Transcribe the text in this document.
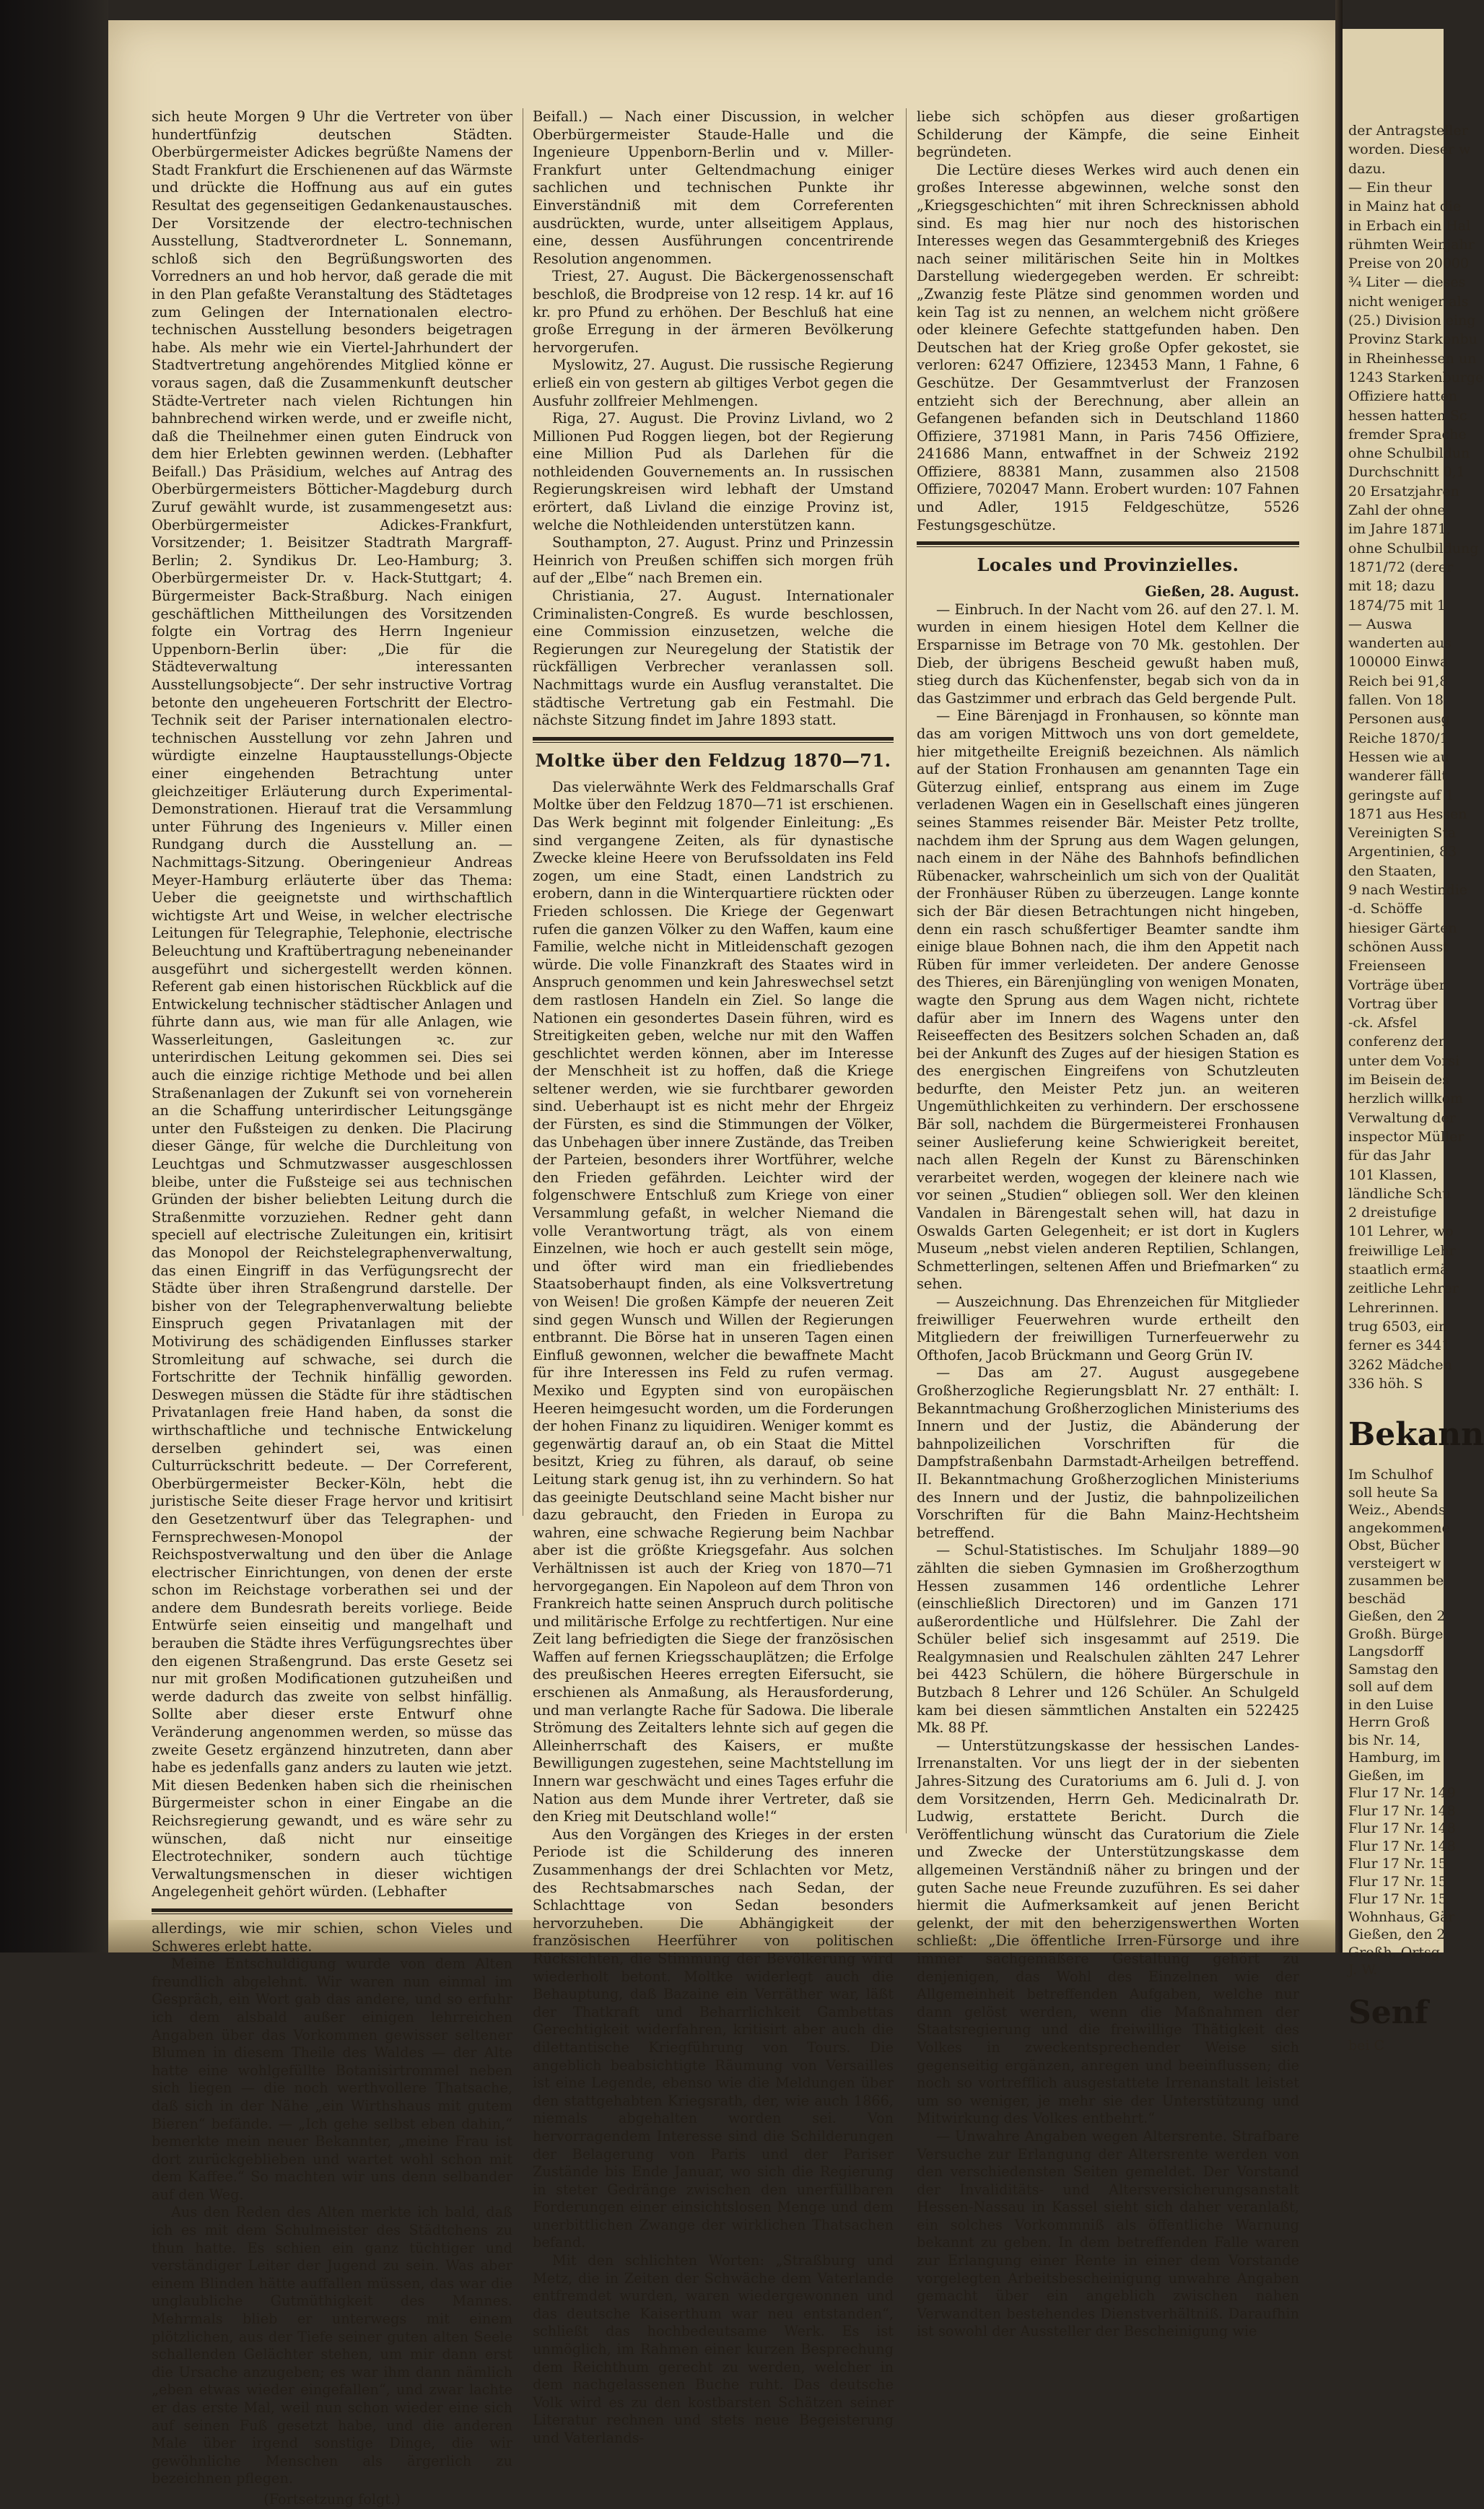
sich heute Morgen 9 Uhr die Vertreter von über hundertfünfzig deutschen Städten. Oberbürgermeister Adickes begrüßte Namens der Stadt Frankfurt die Erschienenen auf das Wärmste und drückte die Hoffnung aus auf ein gutes Resultat des gegenseitigen Gedankenaustausches. Der Vorsitzende der electro-technischen Ausstellung, Stadtverordneter L. Sonnemann, schloß sich den Begrüßungsworten des Vorredners an und hob hervor, daß gerade die mit in den Plan gefaßte Veranstaltung des Städtetages zum Gelingen der Internationalen electro-technischen Ausstellung besonders beigetragen habe. Als mehr wie ein Viertel-Jahrhundert der Stadtvertretung angehörendes Mitglied könne er voraus sagen, daß die Zusammenkunft deutscher Städte-Vertreter nach vielen Richtungen hin bahnbrechend wirken werde, und er zweifle nicht, daß die Theilnehmer einen guten Eindruck von dem hier Erlebten gewinnen werden. (Lebhafter Beifall.) Das Präsidium, welches auf Antrag des Oberbürgermeisters Bötticher-Magdeburg durch Zuruf gewählt wurde, ist zusammengesetzt aus: Oberbürgermeister Adickes-Frankfurt, Vorsitzender; 1. Beisitzer Stadtrath Margraff-Berlin; 2. Syndikus Dr. Leo-Hamburg; 3. Oberbürgermeister Dr. v. Hack-Stuttgart; 4. Bürgermeister Back-Straßburg. Nach einigen geschäftlichen Mittheilungen des Vorsitzenden folgte ein Vortrag des Herrn Ingenieur Uppenborn-Berlin über: „Die für die Städteverwaltung interessanten Ausstellungsobjecte“. Der sehr instructive Vortrag betonte den ungeheueren Fortschritt der Electro-Technik seit der Pariser internationalen electro-technischen Ausstellung vor zehn Jahren und würdigte einzelne Hauptausstellungs-Objecte einer eingehenden Betrachtung unter gleichzeitiger Erläuterung durch Experimental-Demonstrationen. Hierauf trat die Versammlung unter Führung des Ingenieurs v. Miller einen Rundgang durch die Ausstellung an. — Nachmittags-Sitzung. Oberingenieur Andreas Meyer-Hamburg erläuterte über das Thema: Ueber die geeignetste und wirthschaftlich wichtigste Art und Weise, in welcher electrische Leitungen für Telegraphie, Telephonie, electrische Beleuchtung und Kraftübertragung nebeneinander ausgeführt und sichergestellt werden können. Referent gab einen historischen Rückblick auf die Entwickelung technischer städtischer Anlagen und führte dann aus, wie man für alle Anlagen, wie Wasserleitungen, Gasleitungen ꝛc. zur unterirdischen Leitung gekommen sei. Dies sei auch die einzige richtige Methode und bei allen Straßenanlagen der Zukunft sei von vorneherein an die Schaffung unterirdischer Leitungsgänge unter den Fußsteigen zu denken. Die Placirung dieser Gänge, für welche die Durchleitung von Leuchtgas und Schmutzwasser ausgeschlossen bleibe, unter die Fußsteige sei aus technischen Gründen der bisher beliebten Leitung durch die Straßenmitte vorzuziehen. Redner geht dann speciell auf electrische Zuleitungen ein, kritisirt das Monopol der Reichstelegraphenverwaltung, das einen Eingriff in das Verfügungsrecht der Städte über ihren Straßengrund darstelle. Der bisher von der Telegraphenverwaltung beliebte Einspruch gegen Privatanlagen mit der Motivirung des schädigenden Einflusses starker Stromleitung auf schwache, sei durch die Fortschritte der Technik hinfällig geworden. Deswegen müssen die Städte für ihre städtischen Privatanlagen freie Hand haben, da sonst die wirthschaftliche und technische Entwickelung derselben gehindert sei, was einen Culturrückschritt bedeute. — Der Correferent, Oberbürgermeister Becker-Köln, hebt die juristische Seite dieser Frage hervor und kritisirt den Gesetzentwurf über das Telegraphen- und Fernsprechwesen-Monopol der Reichspostverwaltung und den über die Anlage electrischer Einrichtungen, von denen der erste schon im Reichstage vorberathen sei und der andere dem Bundesrath bereits vorliege. Beide Entwürfe seien einseitig und mangelhaft und berauben die Städte ihres Verfügungsrechtes über den eigenen Straßengrund. Das erste Gesetz sei nur mit großen Modificationen gutzuheißen und werde dadurch das zweite von selbst hinfällig. Sollte aber dieser erste Entwurf ohne Veränderung angenommen werden, so müsse das zweite Gesetz ergänzend hinzutreten, dann aber habe es jedenfalls ganz anders zu lauten wie jetzt. Mit diesen Bedenken haben sich die rheinischen Bürgermeister schon in einer Eingabe an die Reichsregierung gewandt, und es wäre sehr zu wünschen, daß nicht nur einseitige Electrotechniker, sondern auch tüchtige Verwaltungsmenschen in dieser wichtigen Angelegenheit gehört würden. (Lebhafter

allerdings, wie mir schien, schon Vieles und Schweres erlebt hatte.

Meine Entschuldigung wurde von dem Alten freundlich abgelehnt. Wir waren nun einmal im Gespräch, ein Wort gab das andere, und so erfuhr ich dem alsbald außer einigen lehrreichen Angaben über das Vorkommen gewisser seltener Blumen in diesem Theile des Waldes — der Alte hatte eine wohlgefüllte Botanisirtrommel neben sich liegen — die noch werthvollere Thatsache, daß sich in der Nähe „ein Wirthshaus mit gutem Bieren“ befände. — „Ich gehe selbst eben dahin,“ bemerkte mein neuer Bekannter, „meine Frau ist dort zurückgeblieben und wartet wohl schon mit dem Kaffee.“ So machten wir uns denn selbander auf den Weg.

Aus den Reden des Alten merkte ich bald, daß ich es mit dem Schulmeister des Städtchens zu thun hatte. Es schien ein ganz tüchtiger und verständiger Leiter der Jugend zu sein. Was aber einem Blinden hätte auffallen müssen, das war die unglaubliche Gutmüthigkeit des Mannes. Mehrmals blieb er unterwegs mit einem plötzlichen, aus der Tiefe seiner guten alten Seele schallenden Gelächter stehen, um mir dann erst die Ursache anzugeben; es war ihm dann nämlich „eben etwas wieder eingefallen“, und zwar lachte er das erste Mal, weil nun schon wieder eine sich auf seinen Fuß gesetzt habe, und die anderen Male über irgend sonstige Dinge, die wir gewöhnliche Menschen als ärgerlich zu bezeichnen pflegen.

(Fortsetzung folgt.)

Beifall.) — Nach einer Discussion, in welcher Oberbürgermeister Staude-Halle und die Ingenieure Uppenborn-Berlin und v. Miller-Frankfurt unter Geltendmachung einiger sachlichen und technischen Punkte ihr Einverständniß mit dem Correferenten ausdrückten, wurde, unter allseitigem Applaus, eine, dessen Ausführungen concentrirende Resolution angenommen.

Triest, 27. August. Die Bäckergenossenschaft beschloß, die Brodpreise von 12 resp. 14 kr. auf 16 kr. pro Pfund zu erhöhen. Der Beschluß hat eine große Erregung in der ärmeren Bevölkerung hervorgerufen.

Myslowitz, 27. August. Die russische Regierung erließ ein von gestern ab giltiges Verbot gegen die Ausfuhr zollfreier Mehlmengen.

Riga, 27. August. Die Provinz Livland, wo 2 Millionen Pud Roggen liegen, bot der Regierung eine Million Pud als Darlehen für die nothleidenden Gouvernements an. In russischen Regierungskreisen wird lebhaft der Umstand erörtert, daß Livland die einzige Provinz ist, welche die Nothleidenden unterstützen kann.

Southampton, 27. August. Prinz und Prinzessin Heinrich von Preußen schiffen sich morgen früh auf der „Elbe“ nach Bremen ein.

Christiania, 27. August. Internationaler Criminalisten-Congreß. Es wurde beschlossen, eine Commission einzusetzen, welche die Regierungen zur Neuregelung der Statistik der rückfälligen Verbrecher veranlassen soll. Nachmittags wurde ein Ausflug veranstaltet. Die städtische Vertretung gab ein Festmahl. Die nächste Sitzung findet im Jahre 1893 statt.

Moltke über den Feldzug 1870—71.

Das vielerwähnte Werk des Feldmarschalls Graf Moltke über den Feldzug 1870—71 ist erschienen. Das Werk beginnt mit folgender Einleitung: „Es sind vergangene Zeiten, als für dynastische Zwecke kleine Heere von Berufssoldaten ins Feld zogen, um eine Stadt, einen Landstrich zu erobern, dann in die Winterquartiere rückten oder Frieden schlossen. Die Kriege der Gegenwart rufen die ganzen Völker zu den Waffen, kaum eine Familie, welche nicht in Mitleidenschaft gezogen würde. Die volle Finanzkraft des Staates wird in Anspruch genommen und kein Jahreswechsel setzt dem rastlosen Handeln ein Ziel. So lange die Nationen ein gesondertes Dasein führen, wird es Streitigkeiten geben, welche nur mit den Waffen geschlichtet werden können, aber im Interesse der Menschheit ist zu hoffen, daß die Kriege seltener werden, wie sie furchtbarer geworden sind. Ueberhaupt ist es nicht mehr der Ehrgeiz der Fürsten, es sind die Stimmungen der Völker, das Unbehagen über innere Zustände, das Treiben der Parteien, besonders ihrer Wortführer, welche den Frieden gefährden. Leichter wird der folgenschwere Entschluß zum Kriege von einer Versammlung gefaßt, in welcher Niemand die volle Verantwortung trägt, als von einem Einzelnen, wie hoch er auch gestellt sein möge, und öfter wird man ein friedliebendes Staatsoberhaupt finden, als eine Volksvertretung von Weisen! Die großen Kämpfe der neueren Zeit sind gegen Wunsch und Willen der Regierungen entbrannt. Die Börse hat in unseren Tagen einen Einfluß gewonnen, welcher die bewaffnete Macht für ihre Interessen ins Feld zu rufen vermag. Mexiko und Egypten sind von europäischen Heeren heimgesucht worden, um die Forderungen der hohen Finanz zu liquidiren. Weniger kommt es gegenwärtig darauf an, ob ein Staat die Mittel besitzt, Krieg zu führen, als darauf, ob seine Leitung stark genug ist, ihn zu verhindern. So hat das geeinigte Deutschland seine Macht bisher nur dazu gebraucht, den Frieden in Europa zu wahren, eine schwache Regierung beim Nachbar aber ist die größte Kriegsgefahr. Aus solchen Verhältnissen ist auch der Krieg von 1870—71 hervorgegangen. Ein Napoleon auf dem Thron von Frankreich hatte seinen Anspruch durch politische und militärische Erfolge zu rechtfertigen. Nur eine Zeit lang befriedigten die Siege der französischen Waffen auf fernen Kriegsschauplätzen; die Erfolge des preußischen Heeres erregten Eifersucht, sie erschienen als Anmaßung, als Herausforderung, und man verlangte Rache für Sadowa. Die liberale Strömung des Zeitalters lehnte sich auf gegen die Alleinherrschaft des Kaisers, er mußte Bewilligungen zugestehen, seine Machtstellung im Innern war geschwächt und eines Tages erfuhr die Nation aus dem Munde ihrer Vertreter, daß sie den Krieg mit Deutschland wolle!“

Aus den Vorgängen des Krieges in der ersten Periode ist die Schilderung des inneren Zusammenhangs der drei Schlachten vor Metz, des Rechtsabmarsches nach Sedan, der Schlachttage von Sedan besonders hervorzuheben. Die Abhängigkeit der französischen Heerführer von politischen Rücksichten, die Stimmung der Bevölkerung wird wiederholt betont. Moltke widerlegt auch die Behauptung, daß Bazaine ein Verräther war, läßt der Thatkraft und Beharrlichkeit Gambettas Gerechtigkeit widerfahren, kritisirt aber auch die dilettantische Kriegführung von Tours. Die angeblich beabsichtigte Räumung von Versailles ist eine Legende, ebenso wie die Meldungen über den stattgehabten Kriegsrath, der, wie auch 1866, niemals abgehalten worden sei. Von hervorragendem Interesse sind die Schilderungen der Belagerung von Paris und der Pariser Zustände bis Ende Januar, wo sich die Regierung in steter Gedränge zwischen den unerfüllbaren Forderungen einer einsichtslosen Menge und dem unerbittlichen Zwange der wirklichen Thatsachen befand.

Mit den schlichten Worten: „Straßburg und Metz, die in Zeiten der Schwäche dem Vaterlande entfremdet wurden, waren wiedergewonnen und das deutsche Kaiserthum war neu entstanden“, schließt das hochbedeutsame Werk. Es ist unmöglich, im Rahmen einer kurzen Besprechung dem Reichthum gerecht zu werden, welcher in dem nachgelassenen Buche ruht. Das deutsche Volk wird es zu den kostbarsten Schätzen seiner Literatur rechnen und stets neue Begeisterung und Vaterlands-

liebe sich schöpfen aus dieser großartigen Schilderung der Kämpfe, die seine Einheit begründeten.

Die Lectüre dieses Werkes wird auch denen ein großes Interesse abgewinnen, welche sonst den „Kriegsgeschichten“ mit ihren Schrecknissen abhold sind. Es mag hier nur noch des historischen Interesses wegen das Gesammtergebniß des Krieges nach seiner militärischen Seite hin in Moltkes Darstellung wiedergegeben werden. Er schreibt: „Zwanzig feste Plätze sind genommen worden und kein Tag ist zu nennen, an welchem nicht größere oder kleinere Gefechte stattgefunden haben. Den Deutschen hat der Krieg große Opfer gekostet, sie verloren: 6247 Offiziere, 123453 Mann, 1 Fahne, 6 Geschütze. Der Gesammtverlust der Franzosen entzieht sich der Berechnung, aber allein an Gefangenen befanden sich in Deutschland 11860 Offiziere, 371981 Mann, in Paris 7456 Offiziere, 241686 Mann, entwaffnet in der Schweiz 2192 Offiziere, 88381 Mann, zusammen also 21508 Offiziere, 702047 Mann. Erobert wurden: 107 Fahnen und Adler, 1915 Feldgeschütze, 5526 Festungsgeschütze.

Locales und Provinzielles.

Gießen, 28. August.

— Einbruch. In der Nacht vom 26. auf den 27. l. M. wurden in einem hiesigen Hotel dem Kellner die Ersparnisse im Betrage von 70 Mk. gestohlen. Der Dieb, der übrigens Bescheid gewußt haben muß, stieg durch das Küchenfenster, begab sich von da in das Gastzimmer und erbrach das Geld bergende Pult.

— Eine Bärenjagd in Fronhausen, so könnte man das am vorigen Mittwoch uns von dort gemeldete, hier mitgetheilte Ereigniß bezeichnen. Als nämlich auf der Station Fronhausen am genannten Tage ein Güterzug einlief, entsprang aus einem im Zuge verladenen Wagen ein in Gesellschaft eines jüngeren seines Stammes reisender Bär. Meister Petz trollte, nachdem ihm der Sprung aus dem Wagen gelungen, nach einem in der Nähe des Bahnhofs befindlichen Rübenacker, wahrscheinlich um sich von der Qualität der Fronhäuser Rüben zu überzeugen. Lange konnte sich der Bär diesen Betrachtungen nicht hingeben, denn ein rasch schußfertiger Beamter sandte ihm einige blaue Bohnen nach, die ihm den Appetit nach Rüben für immer verleideten. Der andere Genosse des Thieres, ein Bärenjüngling von wenigen Monaten, wagte den Sprung aus dem Wagen nicht, richtete dafür aber im Innern des Wagens unter den Reiseeffecten des Besitzers solchen Schaden an, daß bei der Ankunft des Zuges auf der hiesigen Station es des energischen Eingreifens von Schutzleuten bedurfte, den Meister Petz jun. an weiteren Ungemüthlichkeiten zu verhindern. Der erschossene Bär soll, nachdem die Bürgermeisterei Fronhausen seiner Auslieferung keine Schwierigkeit bereitet, nach allen Regeln der Kunst zu Bärenschinken verarbeitet werden, wogegen der kleinere nach wie vor seinen „Studien“ obliegen soll. Wer den kleinen Vandalen in Bärengestalt sehen will, hat dazu in Oswalds Garten Gelegenheit; er ist dort in Kuglers Museum „nebst vielen anderen Reptilien, Schlangen, Schmetterlingen, seltenen Affen und Briefmarken“ zu sehen.

— Auszeichnung. Das Ehrenzeichen für Mitglieder freiwilliger Feuerwehren wurde ertheilt den Mitgliedern der freiwilligen Turnerfeuerwehr zu Ofthofen, Jacob Brückmann und Georg Grün IV.

— Das am 27. August ausgegebene Großherzogliche Regierungsblatt Nr. 27 enthält: I. Bekanntmachung Großherzoglichen Ministeriums des Innern und der Justiz, die Abänderung der bahnpolizeilichen Vorschriften für die Dampfstraßenbahn Darmstadt-Arheilgen betreffend. II. Bekanntmachung Großherzoglichen Ministeriums des Innern und der Justiz, die bahnpolizeilichen Vorschriften für die Bahn Mainz-Hechtsheim betreffend.

— Schul-Statistisches. Im Schuljahr 1889—90 zählten die sieben Gymnasien im Großherzogthum Hessen zusammen 146 ordentliche Lehrer (einschließlich Directoren) und im Ganzen 171 außerordentliche und Hülfslehrer. Die Zahl der Schüler belief sich insgesammt auf 2519. Die Realgymnasien und Realschulen zählten 247 Lehrer bei 4423 Schülern, die höhere Bürgerschule in Butzbach 8 Lehrer und 126 Schüler. An Schulgeld kam bei diesen sämmtlichen Anstalten ein 522425 Mk. 88 Pf.

— Unterstützungskasse der hessischen Landes-Irrenanstalten. Vor uns liegt der in der siebenten Jahres-Sitzung des Curatoriums am 6. Juli d. J. von dem Vorsitzenden, Herrn Geh. Medicinalrath Dr. Ludwig, erstattete Bericht. Durch die Veröffentlichung wünscht das Curatorium die Ziele und Zwecke der Unterstützungskasse dem allgemeinen Verständniß näher zu bringen und der guten Sache neue Freunde zuzuführen. Es sei daher hiermit die Aufmerksamkeit auf jenen Bericht gelenkt, der mit den beherzigenswerthen Worten schließt: „Die öffentliche Irren-Fürsorge und ihre immer sachgemäßere Gestaltung gehört zu denjenigen, das Wohl des Einzelnen wie der Allgemeinheit betreffenden Aufgaben, welche nur dann gelöst werden, wenn die Maßnahmen der Staatsregierung und die freiwillige Thätigkeit des Volkes in zweckentsprechender Weise sich gegenseitig ergänzen, anregen und beeinflussen; die noch so vortrefflich ausgestattete Irrenanstalt leistet um so weniger, je mehr sie der Unterstützung und Mitwirkung des Volkes entbehrt.“

— Unwahre Angaben wegen Altersrente. Strafbare Versuche zur Erlangung der Altersrente werden von den verschiedensten Seiten gemeldet. Der Vorstand der Invaliditäts- und Altersversicherungsanstalt Hessen-Nassau in Kassel sieht sich daher veranlaßt, ein solches Vorkommniß als öffentliche Warnung bekannt zu geben. In dem betreffenden Falle waren zur Erlangung einer Rente in einer dem Vorstande vorgelegten Arbeitsbescheinigung unwahre Angaben gemacht über ein angeblich zwischen nahen Verwandten bestehendes Dienstverhältniß. Daraufhin ist sowohl der Aussteller der Bescheinigung wie

der Antragsteller
worden. Dieser w
dazu.
— Ein theur
in Mainz hat die
in Erbach ein Hal
rühmten Weinjahr
Preise von 20000
¾ Liter — dieses
nicht weniger als
(25.) Division eing
Provinz Starkenbu
in Rheinhessen un
1243 Starkenburge
Offiziere hatten
hessen hatten Sc
fremder Sprache
ohne Schulbildun
Durchschnitt 0,1
20 Ersatzjahren
Zahl der ohne
im Jahre 1871,
ohne Schulbildung
1871/72 (derer
mit 18; dazu
1874/75 mit 1
— Auswa
wanderten aus
100000 Einwa
Reich bei 91,8
fallen. Von 18
Personen ausg
Reiche 1870/1
Hessen wie au
wanderer fällt
geringste auf 1
1871 aus Hessen
Vereinigten Sta
Argentinien, 83
den Staaten,
9 nach Westindie
-d. Schöffe
hiesiger Gärten
schönen Ausst
Freienseen
Vorträge über
Vortrag über
-ck. Afsfel
conferenz der
unter dem Vorsi
im Beisein des
herzlich willkom
Verwaltung der
inspector Müller
für das Jahr
101 Klassen,
ländliche Schu
2 dreistufige
101 Lehrer, wo
freiwillige Lehr
staatlich ermä
zeitliche Lehrer
Lehrerinnen.
trug 6503, ein
ferner es 3441
3262 Mädchen
336 höh. S
Bekann
Im Schulhof
soll heute Sa
Weiz., Abends
angekommene
Obst, Bücher
versteigert w
zusammen be
beschäd
Gießen, den 2
Großh. Bürge
Langsdorff
Samstag den
soll auf dem
in den Luise
Herrn Groß
bis Nr. 14,
Hamburg, im
Gießen, im
Flur 17 Nr. 149
Flur 17 Nr. 148
Flur 17 Nr. 148
Flur 17 Nr. 148
Flur 17 Nr. 15
Flur 17 Nr. 15
Flur 17 Nr. 15
Wohnhaus, Gär
Gießen, den 2
Großh. Ortsg
J. W.
Senf
bei C
